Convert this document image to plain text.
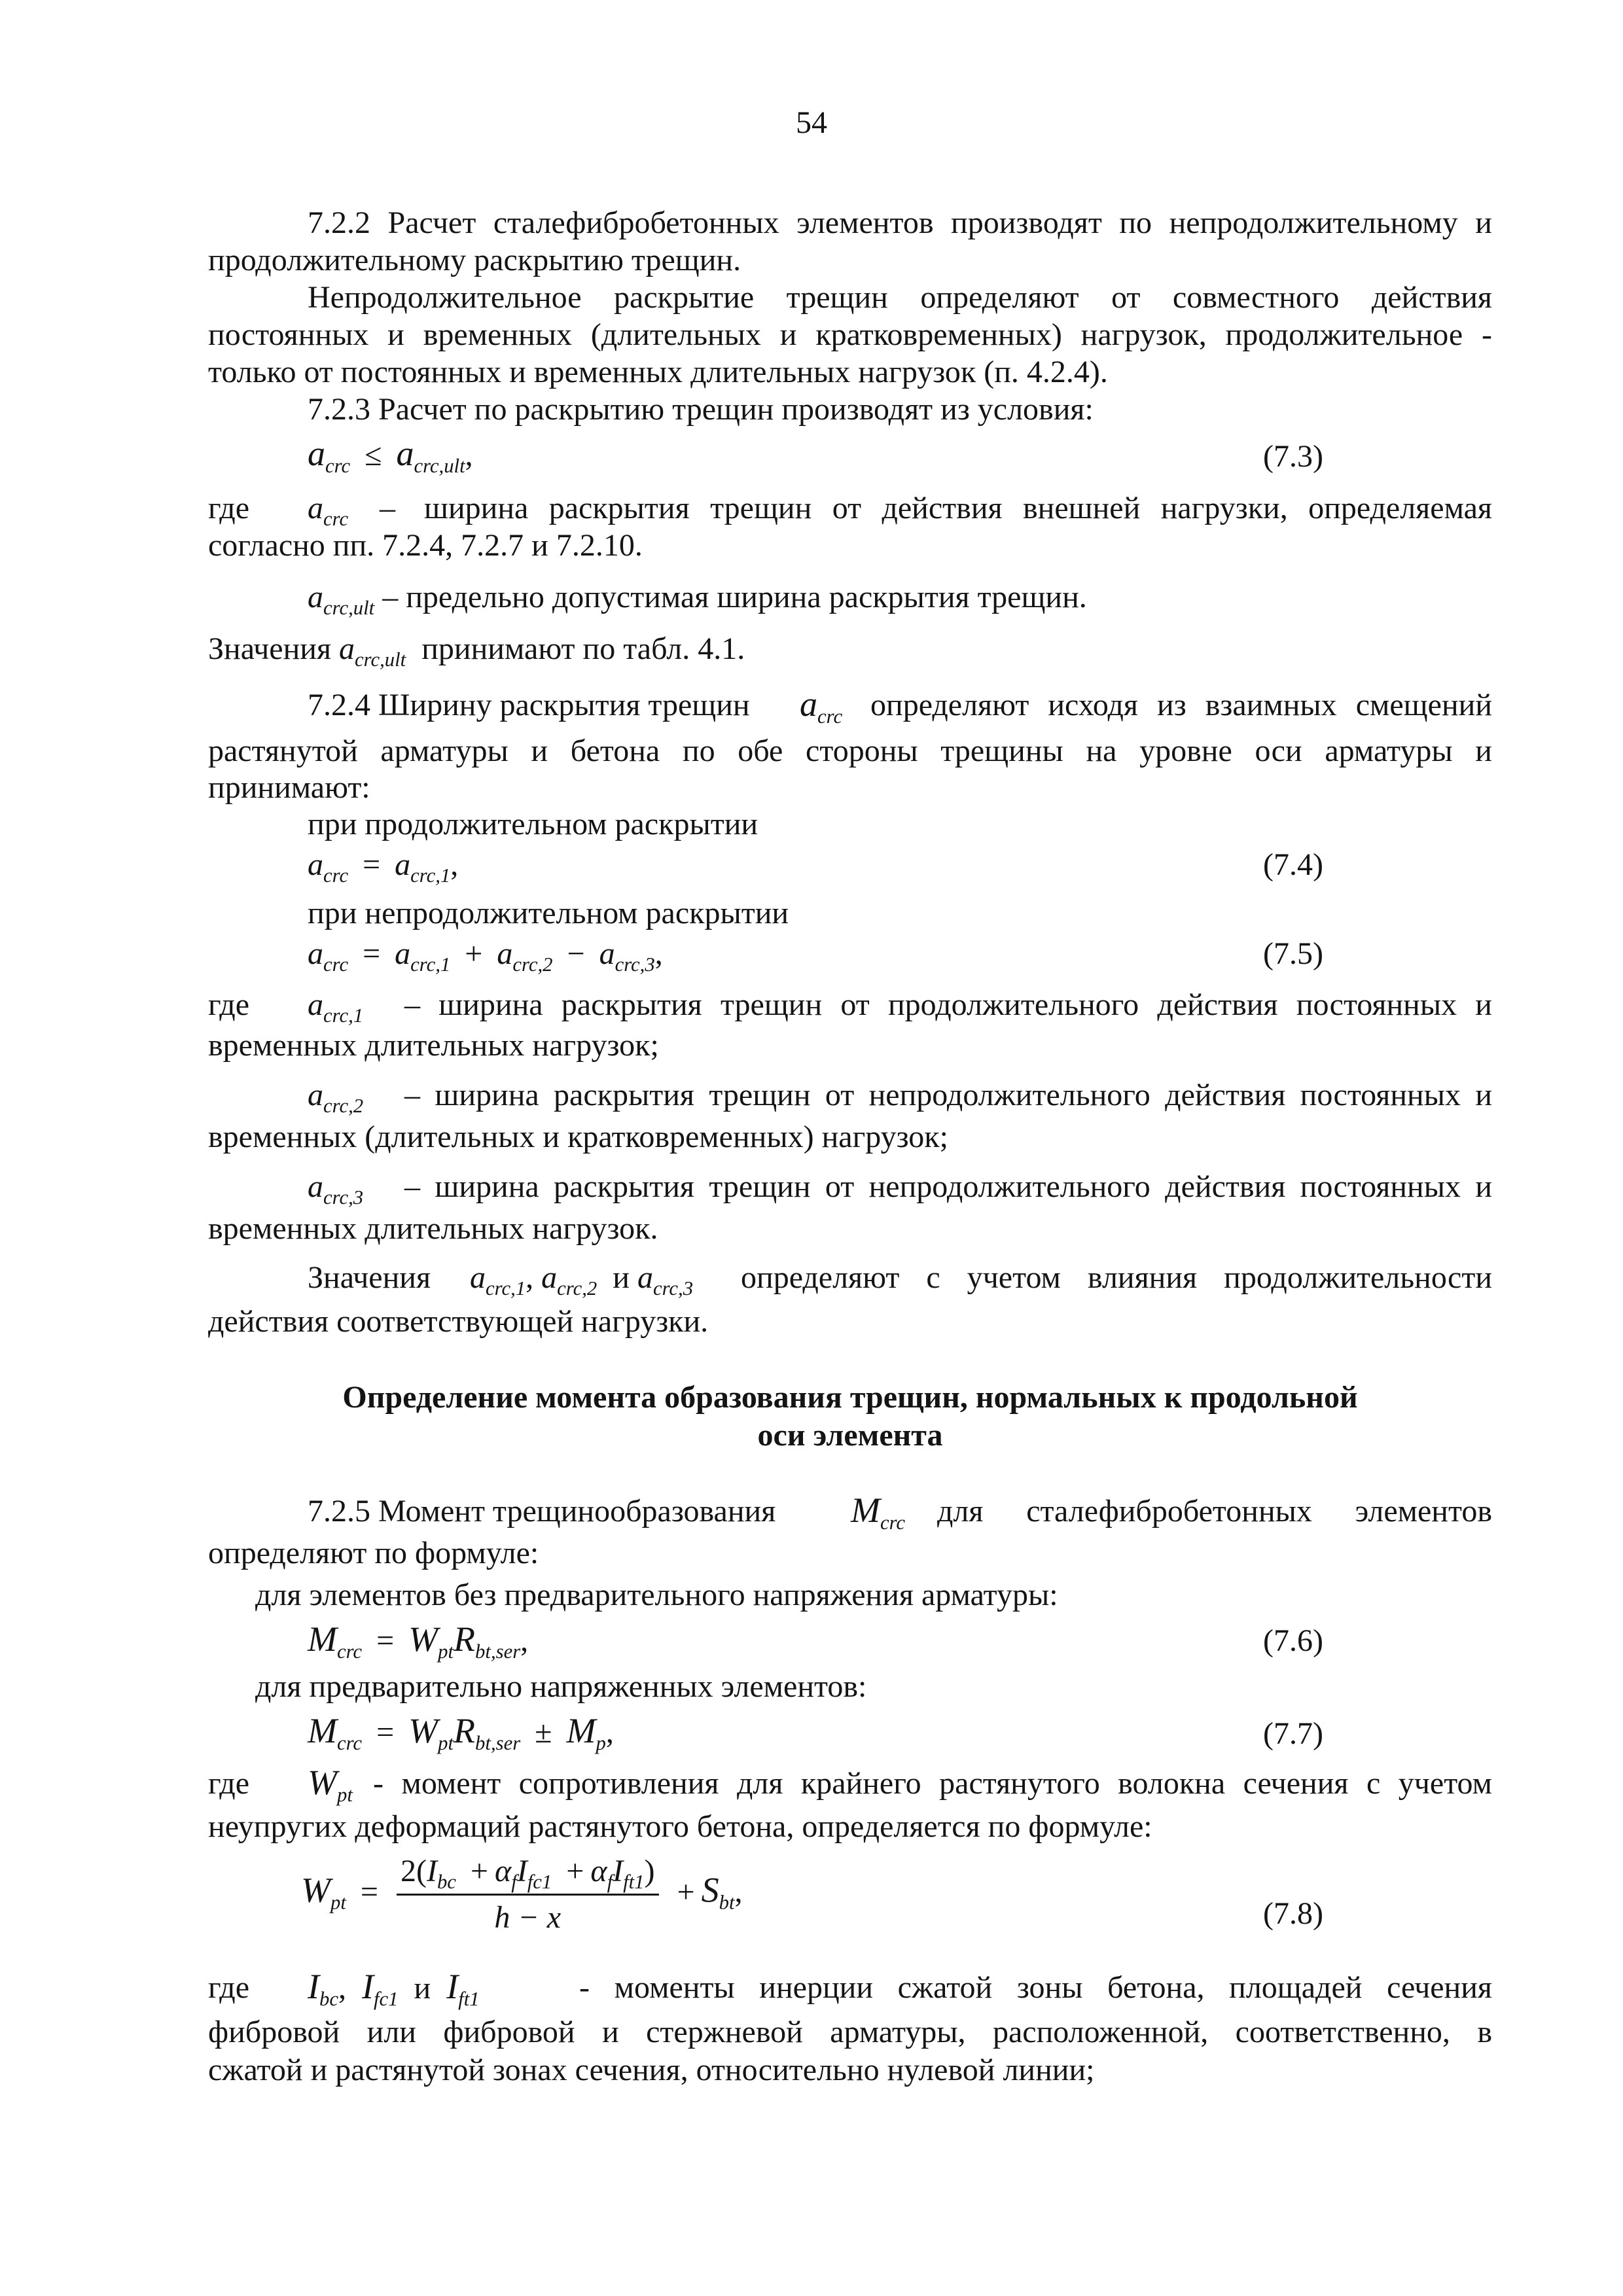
54
7.2.2 Расчет сталефибробетонных элементов производят по непродолжительному и
продолжительному раскрытию трещин.
Непродолжительное раскрытие трещин определяют от совместного действия
постоянных и временных (длительных и кратковременных) нагрузок, продолжительное -
только от постоянных и временных длительных нагрузок (п. 4.2.4).
7.2.3 Расчет по раскрытию трещин производят из условия:
$a_{crc} \le a_{crc,ult}$,	(7.3)
где $a_{crc}$ – ширина раскрытия трещин от действия внешней нагрузки, определяемая
согласно пп. 7.2.4, 7.2.7 и 7.2.10.
$a_{crc,ult}$ – предельно допустимая ширина раскрытия трещин.
Значения $a_{crc,ult}$ принимают по табл. 4.1.
7.2.4 Ширину раскрытия трещин $a_{crc}$ определяют исходя из взаимных смещений
растянутой арматуры и бетона по обе стороны трещины на уровне оси арматуры и
принимают:
при продолжительном раскрытии
$a_{crc} = a_{crc,1}$,	(7.4)
при непродолжительном раскрытии
$a_{crc} = a_{crc,1} + a_{crc,2} - a_{crc,3}$,	(7.5)
где $a_{crc,1}$ – ширина раскрытия трещин от продолжительного действия постоянных и
временных длительных нагрузок;
$a_{crc,2}$ – ширина раскрытия трещин от непродолжительного действия постоянных и
временных (длительных и кратковременных) нагрузок;
$a_{crc,3}$ – ширина раскрытия трещин от непродолжительного действия постоянных и
временных длительных нагрузок.
Значения $a_{crc,1}$, $a_{crc,2}$ и $a_{crc,3}$ определяют с учетом влияния продолжительности
действия соответствующей нагрузки.
Определение момента образования трещин, нормальных к продольной
оси элемента
7.2.5 Момент трещинообразования $M_{crc}$ для сталефибробетонных элементов
определяют по формуле:
для элементов без предварительного напряжения арматуры:
$M_{crc} = W_{pt}R_{bt,ser}$,	(7.6)
для предварительно напряженных элементов:
$M_{crc} = W_{pt}R_{bt,ser} \pm M_p$,	(7.7)
где $W_{pt}$ - момент сопротивления для крайнего растянутого волокна сечения с учетом
неупругих деформаций растянутого бетона, определяется по формуле:
$W_{pt} = \frac{2(I_{bc} + \alpha_fI_{fc1} + \alpha_fI_{ft1})}{h - x} + S_{bt}$,
(7.8)
где $I_{bc}$, $I_{fc1}$ и $I_{ft1}$	- моменты инерции сжатой зоны бетона, площадей сечения
фибровой или фибровой и стержневой арматуры, расположенной, соответственно, в
сжатой и растянутой зонах сечения, относительно нулевой линии;
